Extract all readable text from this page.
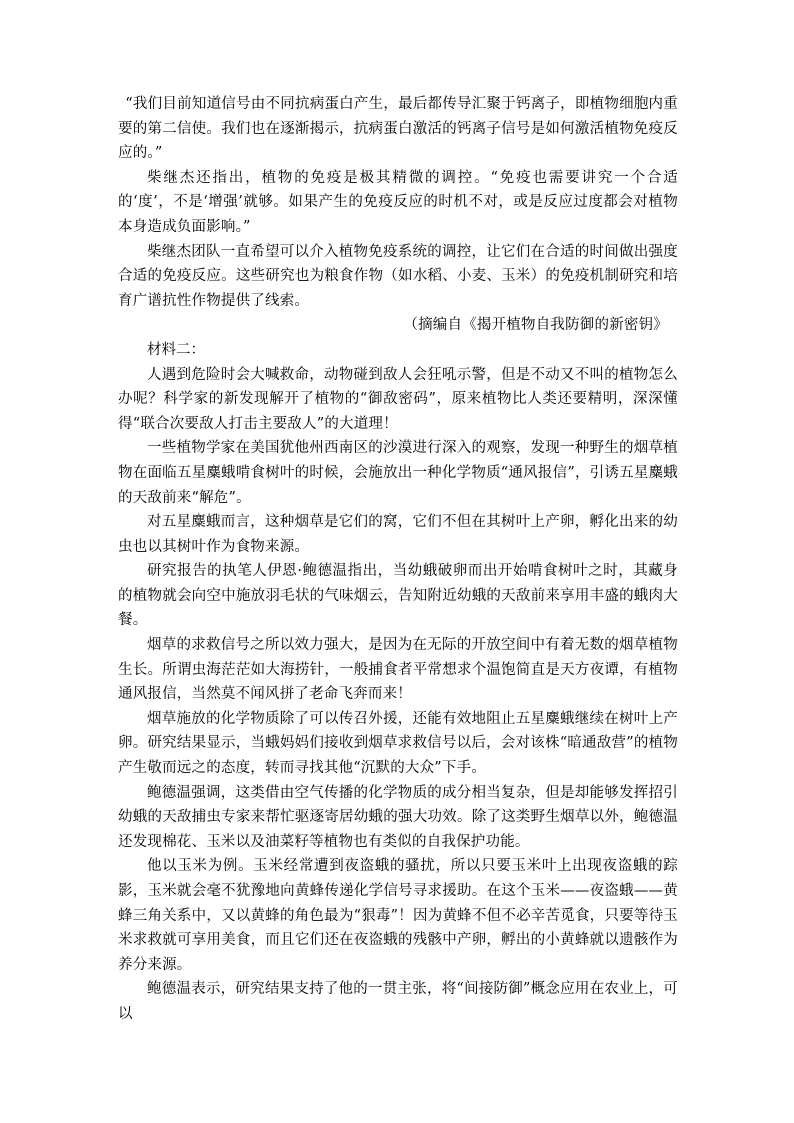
“我们目前知道信号由不同抗病蛋白产生，最后都传导汇聚于钙离子，即植物细胞内重要的第二信使。我们也在逐渐揭示，抗病蛋白激活的钙离子信号是如何激活植物免疫反应的。”

柴继杰还指出，植物的免疫是极其精微的调控。“免疫也需要讲究一个合适的‘度’，不是‘增强’就够。如果产生的免疫反应的时机不对，或是反应过度都会对植物本身造成负面影响。”

柴继杰团队一直希望可以介入植物免疫系统的调控，让它们在合适的时间做出强度合适的免疫反应。这些研究也为粮食作物（如水稻、小麦、玉米）的免疫机制研究和培育广谱抗性作物提供了线索。

（摘编自《揭开植物自我防御的新密钥》

材料二：

人遇到危险时会大喊救命，动物碰到敌人会狂吼示警，但是不动又不叫的植物怎么办呢？科学家的新发现解开了植物的“御敌密码”，原来植物比人类还要精明，深深懂得“联合次要敌人打击主要敌人”的大道理！

一些植物学家在美国犹他州西南区的沙漠进行深入的观察，发现一种野生的烟草植物在面临五星麋蛾啃食树叶的时候，会施放出一种化学物质“通风报信”，引诱五星麋蛾的天敌前来“解危”。

对五星麋蛾而言，这种烟草是它们的窝，它们不但在其树叶上产卵，孵化出来的幼虫也以其树叶作为食物来源。

研究报告的执笔人伊恩·鲍德温指出，当幼蛾破卵而出开始啃食树叶之时，其藏身的植物就会向空中施放羽毛状的气味烟云，告知附近幼蛾的天敌前来享用丰盛的蛾肉大餐。

烟草的求救信号之所以效力强大，是因为在无际的开放空间中有着无数的烟草植物生长。所谓虫海茫茫如大海捞针，一般捕食者平常想求个温饱简直是天方夜谭，有植物通风报信，当然莫不闻风拼了老命飞奔而来！

烟草施放的化学物质除了可以传召外援，还能有效地阻止五星麋蛾继续在树叶上产卵。研究结果显示，当蛾妈妈们接收到烟草求救信号以后，会对该株“暗通敌营”的植物产生敬而远之的态度，转而寻找其他“沉默的大众”下手。

鲍德温强调，这类借由空气传播的化学物质的成分相当复杂，但是却能够发挥招引幼蛾的天敌捕虫专家来帮忙驱逐寄居幼蛾的强大功效。除了这类野生烟草以外，鲍德温还发现棉花、玉米以及油菜籽等植物也有类似的自我保护功能。

他以玉米为例。玉米经常遭到夜盗蛾的骚扰，所以只要玉米叶上出现夜盗蛾的踪影，玉米就会毫不犹豫地向黄蜂传递化学信号寻求援助。在这个玉米——夜盗蛾——黄蜂三角关系中，又以黄蜂的角色最为“狠毒”！因为黄蜂不但不必辛苦觅食，只要等待玉米求救就可享用美食，而且它们还在夜盗蛾的残骸中产卵，孵出的小黄蜂就以遗骸作为养分来源。

鲍德温表示，研究结果支持了他的一贯主张，将“间接防御”概念应用在农业上，可以
